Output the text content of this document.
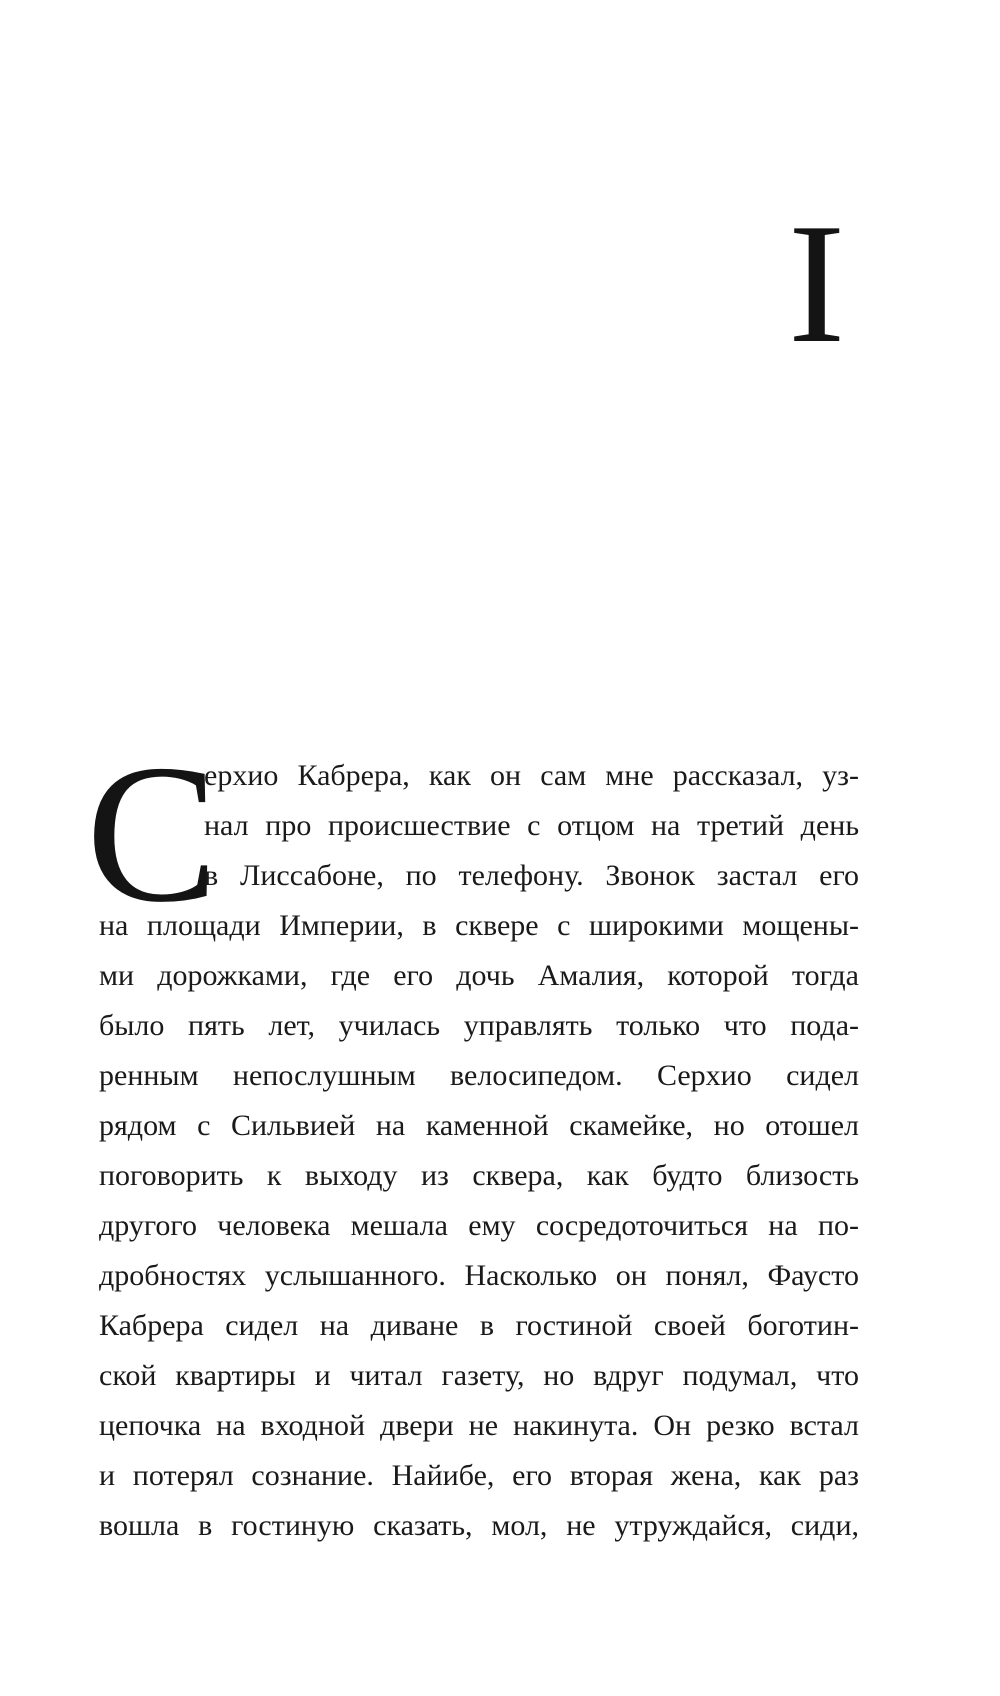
I
С
ерхио Кабрера, как он сам мне рассказал, уз-
нал про происшествие с отцом на третий день
в Лиссабоне, по телефону. Звонок застал его
на площади Империи, в сквере с широкими мощены-
ми дорожками, где его дочь Амалия, которой тогда
было пять лет, училась управлять только что пода-
ренным непослушным велосипедом. Серхио сидел
рядом с Сильвией на каменной скамейке, но отошел
поговорить к выходу из сквера, как будто близость
другого человека мешала ему сосредоточиться на по-
дробностях услышанного. Насколько он понял, Фаусто
Кабрера сидел на диване в гостиной своей боготин-
ской квартиры и читал газету, но вдруг подумал, что
цепочка на входной двери не накинута. Он резко встал
и потерял сознание. Найибе, его вторая жена, как раз
вошла в гостиную сказать, мол, не утруждайся, сиди,
